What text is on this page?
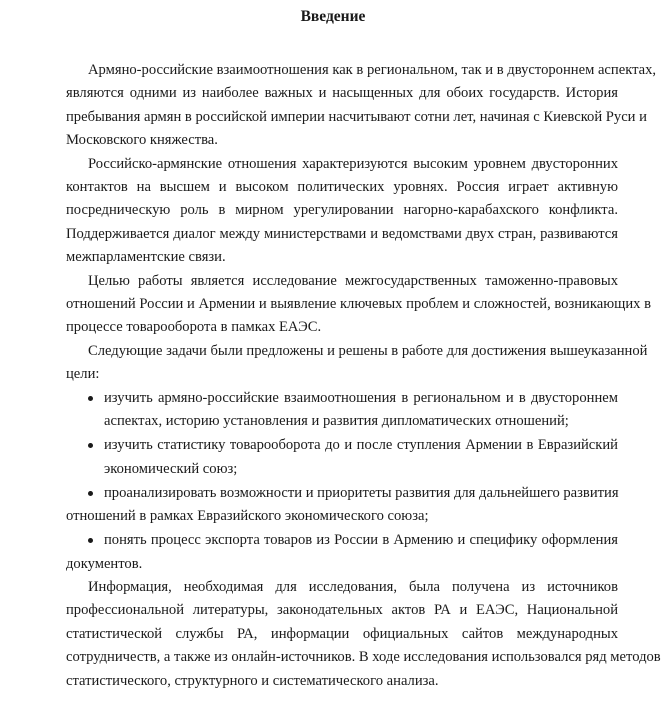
Введение
Армяно-российские взаимоотношения как в региональном, так и в двустороннем аспектах,
являются одними из наиболее важных и насыщенных для обоих государств. История
пребывания армян в российской империи насчитывают сотни лет, начиная с Киевской Руси и
Московского княжества.
Российско-армянские отношения характеризуются высоким уровнем двусторонних
контактов на высшем и высоком политических уровнях. Россия играет активную
посредническую роль в мирном урегулировании нагорно-карабахского конфликта.
Поддерживается диалог между министерствами и ведомствами двух стран, развиваются
межпарламентские связи.
Целью работы является исследование межгосударственных таможенно-правовых
отношений России и Армении и выявление ключевых проблем и сложностей, возникающих в
процессе товарооборота в памках ЕАЭС.
Следующие задачи были предложены и решены в работе для достижения вышеуказанной
цели:
изучить армяно-российские взаимоотношения в региональном и в двустороннем
аспектах, историю установления и развития дипломатических отношений;
изучить статистику товарооборота до и после ступления Армении в Евразийский
экономический союз;
проанализировать возможности и приоритеты развития для дальнейшего развития
отношений в рамках Евразийского экономического союза;
понять процесс экспорта товаров из России в Армению и специфику оформления
документов.
Информация, необходимая для исследования, была получена из источников
профессиональной литературы, законодательных актов РА и ЕАЭС, Национальной
статистической службы РА, информации официальных сайтов международных
сотрудничеств, а также из онлайн-источников. В ходе исследования использовался ряд методов
статистического, структурного и систематического анализа.
